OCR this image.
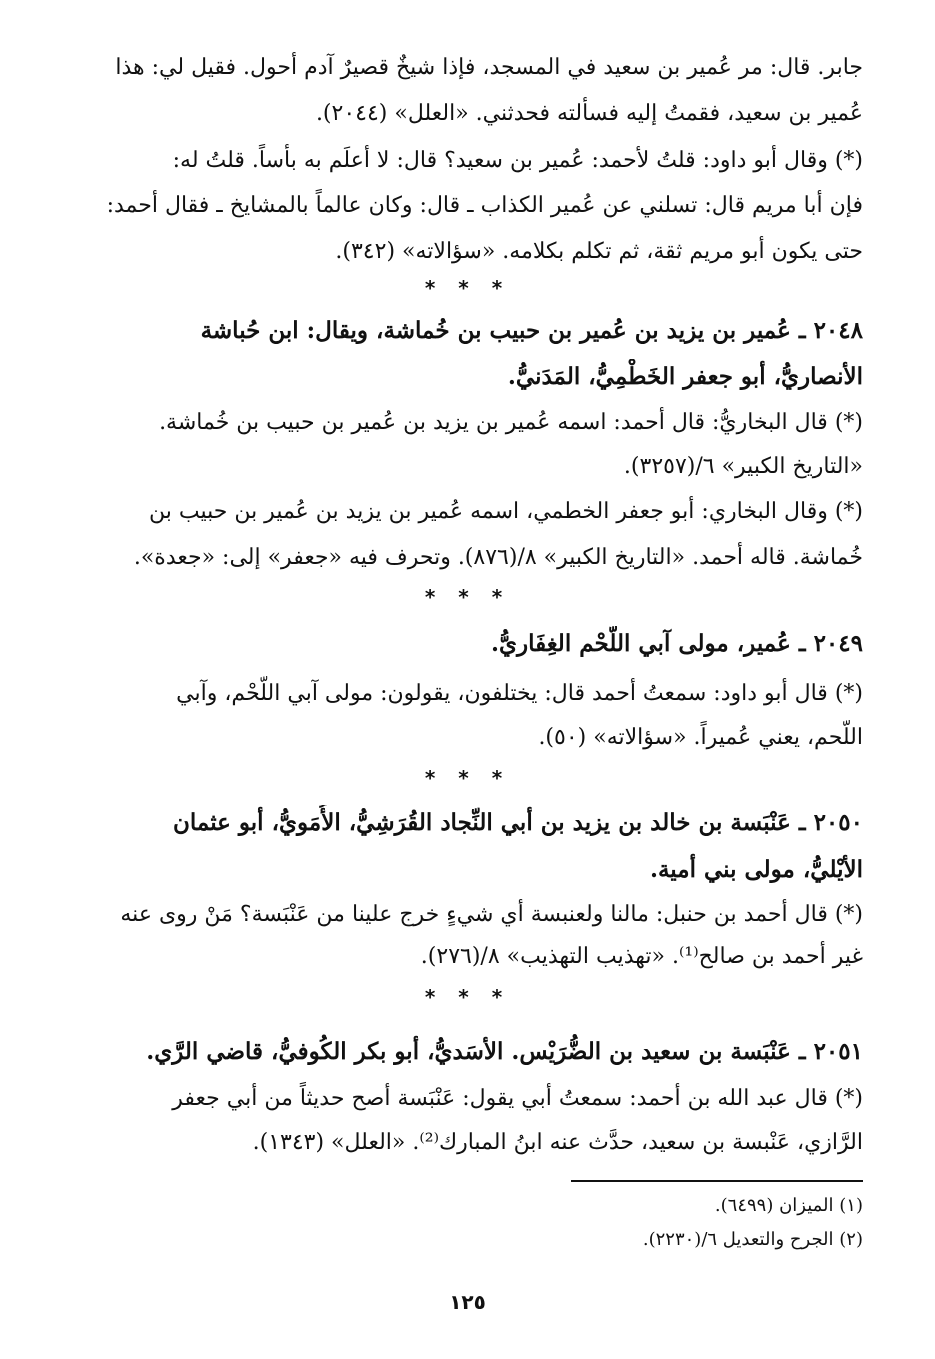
جابر. قال: مر عُمير بن سعيد في المسجد، فإذا شيخٌ قصيرٌ آدم أحول. فقيل لي: هذا
عُمير بن سعيد، فقمتُ إليه فسألته فحدثني. «العلل» (٢٠٤٤).
(*) وقال أبو داود: قلتُ لأحمد: عُمير بن سعيد؟ قال: لا أعلَم به بأساً. قلتُ له:
فإن أبا مريم قال: تسلني عن عُمير الكذاب ـ قال: وكان عالماً بالمشايخ ـ فقال أحمد:
حتى يكون أبو مريم ثقة، ثم تكلم بكلامه. «سؤالاته» (٣٤٢).
* * *
٢٠٤٨ ـ عُمير بن يزيد بن عُمير بن حبيب بن خُماشة، ويقال: ابن حُباشة
الأنصاريُّ، أبو جعفر الخَطْمِيُّ، المَدَنيُّ.
(*) قال البخاريُّ: قال أحمد: اسمه عُمير بن يزيد بن عُمير بن حبيب بن خُماشة.
«التاريخ الكبير» ٦/(٣٢٥٧).
(*) وقال البخاري: أبو جعفر الخطمي، اسمه عُمير بن يزيد بن عُمير بن حبيب بن
خُماشة. قاله أحمد. «التاريخ الكبير» ٨/(٨٧٦). وتحرف فيه «جعفر» إلى: «جعدة».
* * *
٢٠٤٩ ـ عُمير، مولى آبي اللَّحْم الغِفَاريُّ.
(*) قال أبو داود: سمعتُ أحمد قال: يختلفون، يقولون: مولى آبي اللَّحْم، وآبي
اللَّحم، يعني عُميراً. «سؤالاته» (٥٠).
* * *
٢٠٥٠ ـ عَنْبَسة بن خالد بن يزيد بن أبي النِّجاد القُرَشِيُّ، الأُمَويُّ، أبو عثمان
الأيْليُّ، مولى بني أمية.
(*) قال أحمد بن حنبل: مالنا ولعنبسة أي شيءٍ خرج علينا من عَنْبَسة؟ مَنْ روى عنه
غير أحمد بن صالح⁽¹⁾. «تهذيب التهذيب» ٨/(٢٧٦).
* * *
٢٠٥١ ـ عَنْبَسة بن سعيد بن الضُّرَيْس. الأسَديُّ، أبو بكر الكُوفيُّ، قاضي الرَّي.
(*) قال عبد الله بن أحمد: سمعتُ أبي يقول: عَنْبَسة أصح حديثاً من أبي جعفر
الرَّازي، عَنْبسة بن سعيد، حدَّث عنه ابنُ المبارك⁽²⁾. «العلل» (١٣٤٣).
(١) الميزان (٦٤٩٩).
(٢) الجرح والتعديل ٦/(٢٢٣٠).
١٢٥
